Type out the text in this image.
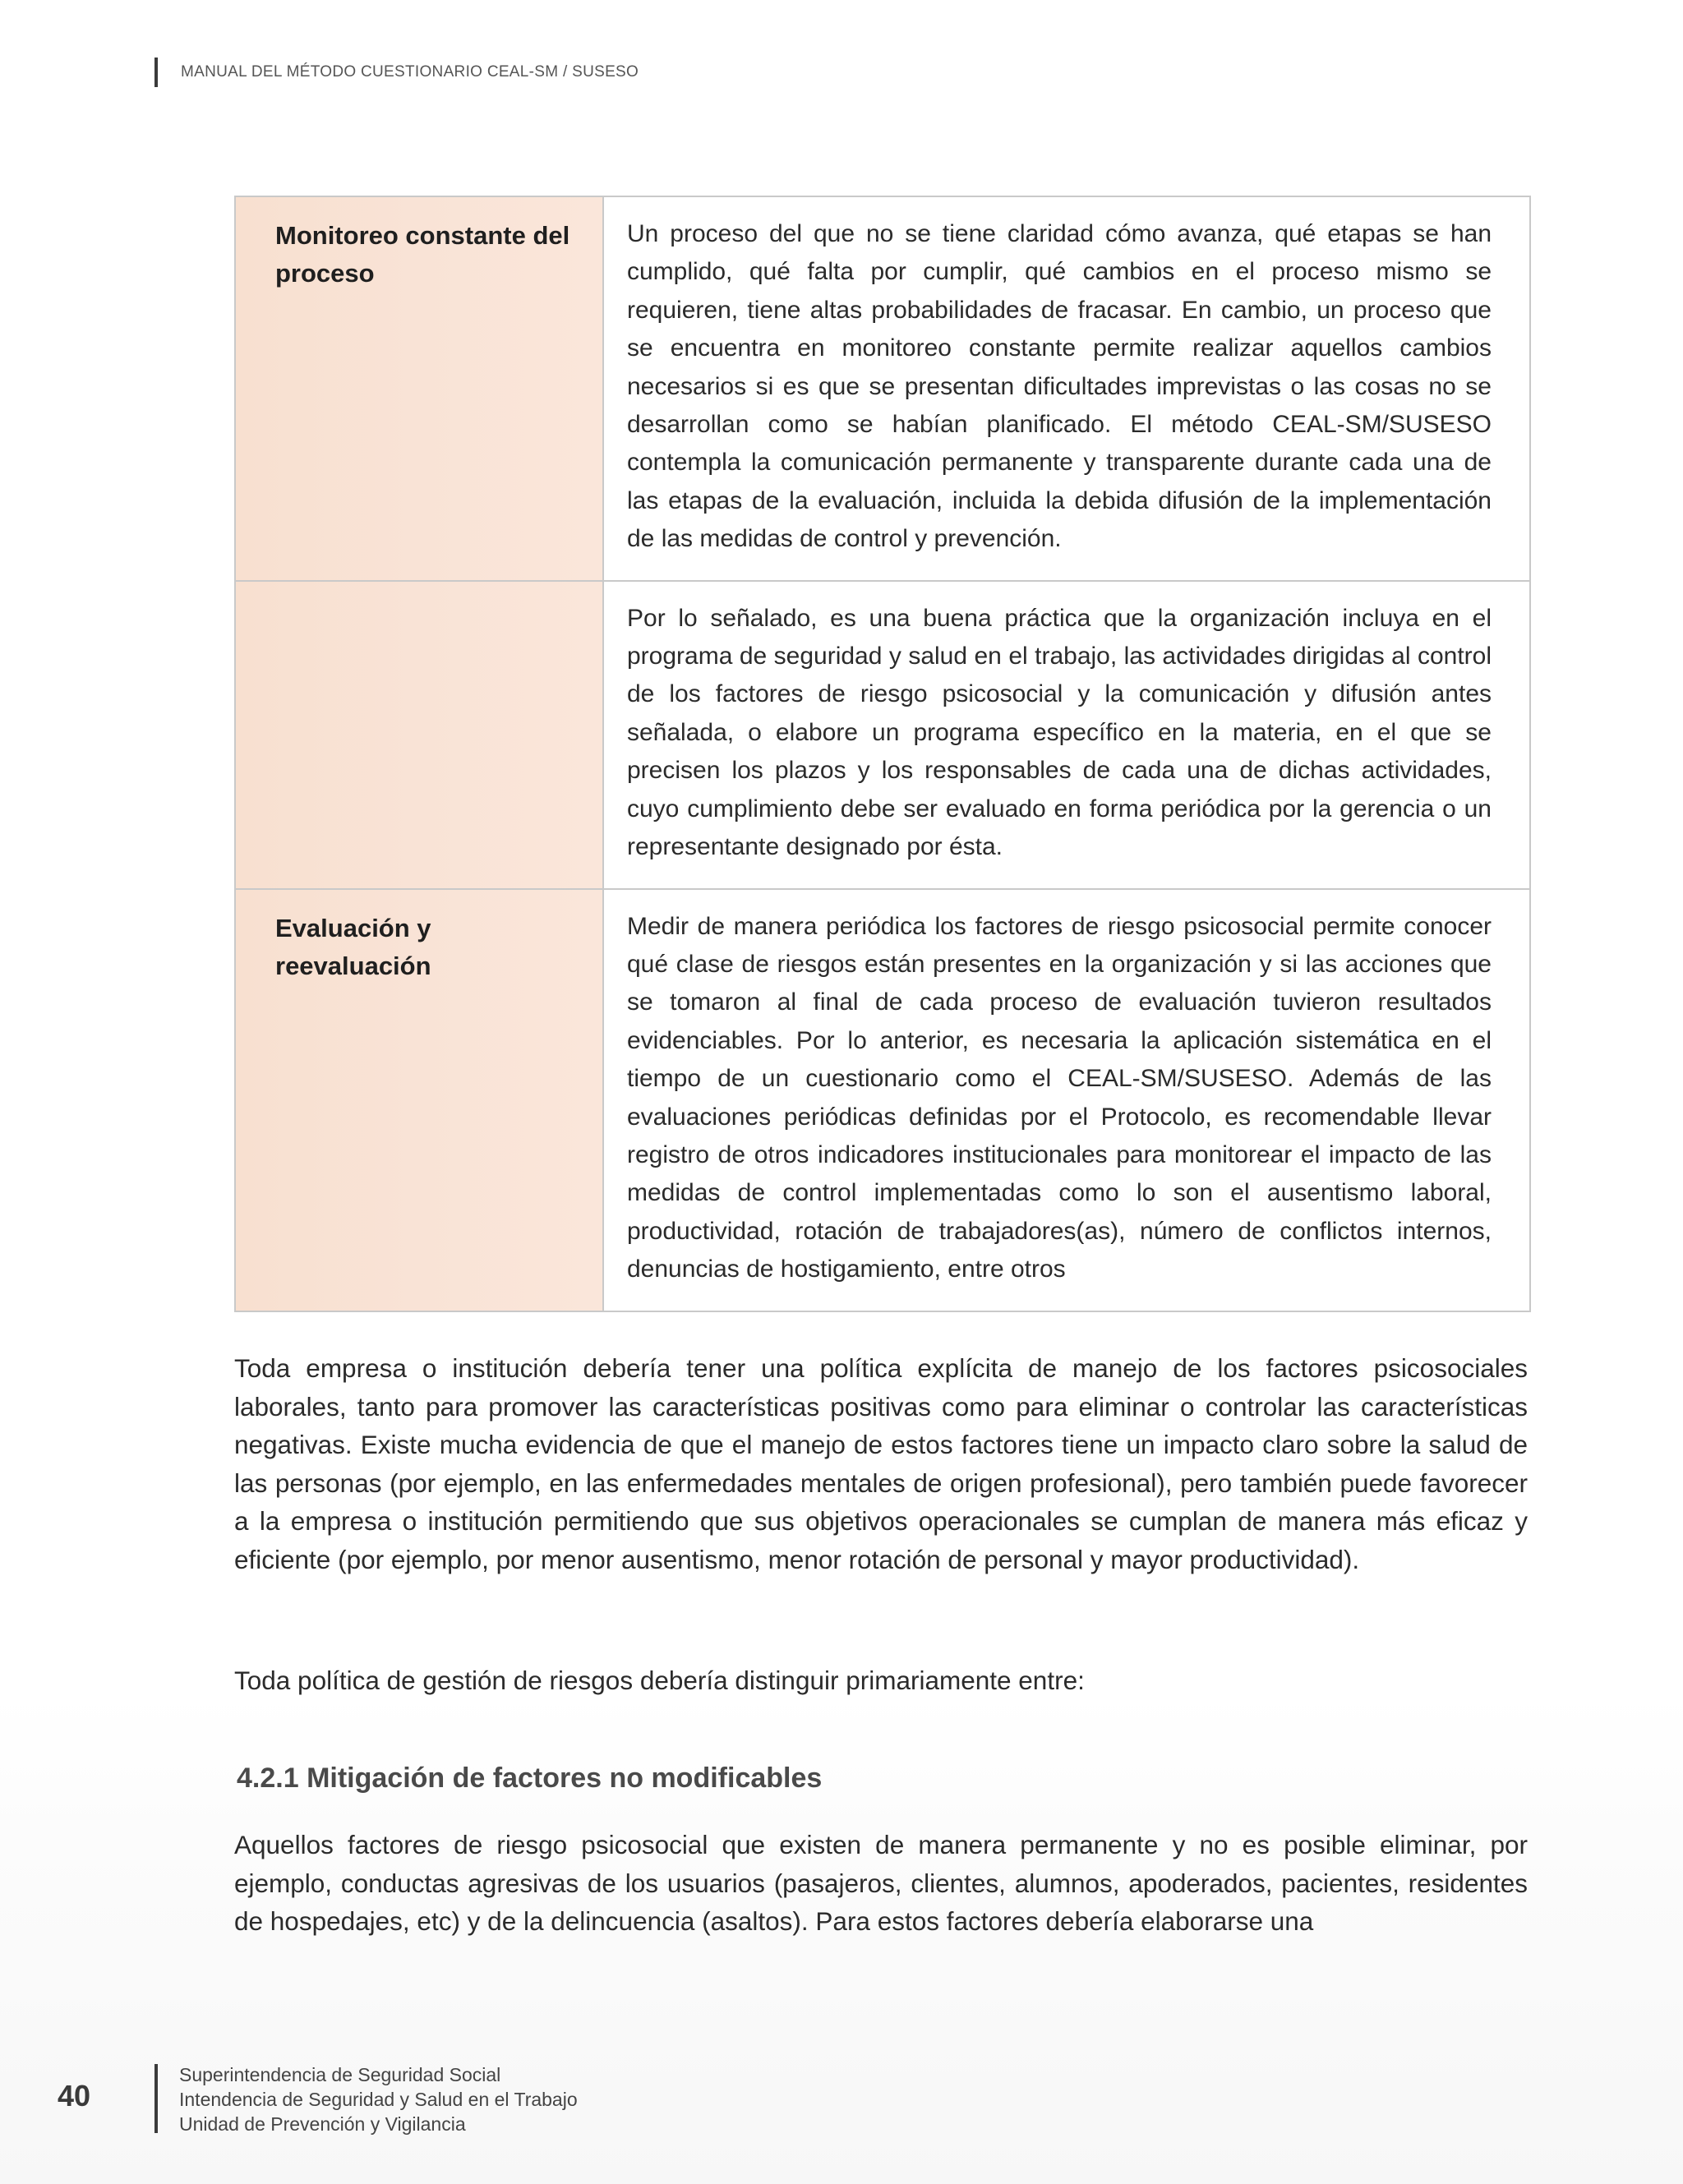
MANUAL DEL MÉTODO CUESTIONARIO CEAL-SM / SUSESO
Monitoreo constante del proceso
Un proceso del que no se tiene claridad cómo avanza, qué etapas se han cumplido, qué falta por cumplir, qué cambios en el proceso mismo se requieren, tiene altas probabilidades de fracasar. En cambio, un proceso que se encuentra en monitoreo constante permite realizar aquellos cambios necesarios si es que se presentan dificultades imprevistas o las cosas no se desarrollan como se habían planificado. El método CEAL-SM/SUSESO contempla la comunicación permanente y transparente durante cada una de las etapas de la evaluación, incluida la debida difusión de la implementación de las medidas de control y prevención.
Por lo señalado, es una buena práctica que la organización incluya en el programa de seguridad y salud en el trabajo, las actividades dirigidas al control de los factores de riesgo psicosocial y la comunicación y difusión antes señalada, o elabore un programa específico en la materia, en el que se precisen los plazos y los responsables de cada una de dichas actividades, cuyo cumplimiento debe ser evaluado en forma periódica por la gerencia o un representante designado por ésta.
Evaluación y reevaluación
Medir de manera periódica los factores de riesgo psicosocial permite conocer qué clase de riesgos están presentes en la organización y si las acciones que se tomaron al final de cada proceso de evaluación tuvieron resultados evidenciables. Por lo anterior, es necesaria la aplicación sistemática en el tiempo de un cuestionario como el CEAL-SM/SUSESO. Además de las evaluaciones periódicas definidas por el Protocolo, es recomendable llevar registro de otros indicadores institucionales para monitorear el impacto de las medidas de control implementadas como lo son el ausentismo laboral, productividad, rotación de trabajadores(as), número de conflictos internos, denuncias de hostigamiento, entre otros

Toda empresa o institución debería tener una política explícita de manejo de los factores psicosociales laborales, tanto para promover las características positivas como para eliminar o controlar las características negativas. Existe mucha evidencia de que el manejo de estos factores tiene un impacto claro sobre la salud de las personas (por ejemplo, en las enfermedades mentales de origen profesional), pero también puede favorecer a la empresa o institución permitiendo que sus objetivos operacionales se cumplan de manera más eficaz y eficiente (por ejemplo, por menor ausentismo, menor rotación de personal y mayor productividad).

Toda política de gestión de riesgos debería distinguir primariamente entre:

4.2.1 Mitigación de factores no modificables

Aquellos factores de riesgo psicosocial que existen de manera permanente y no es posible eliminar, por ejemplo, conductas agresivas de los usuarios (pasajeros, clientes, alumnos, apoderados, pacientes, residentes de hospedajes, etc) y de la delincuencia (asaltos). Para estos factores debería elaborarse una

40
Superintendencia de Seguridad Social
Intendencia de Seguridad y Salud en el Trabajo
Unidad de Prevención y Vigilancia
